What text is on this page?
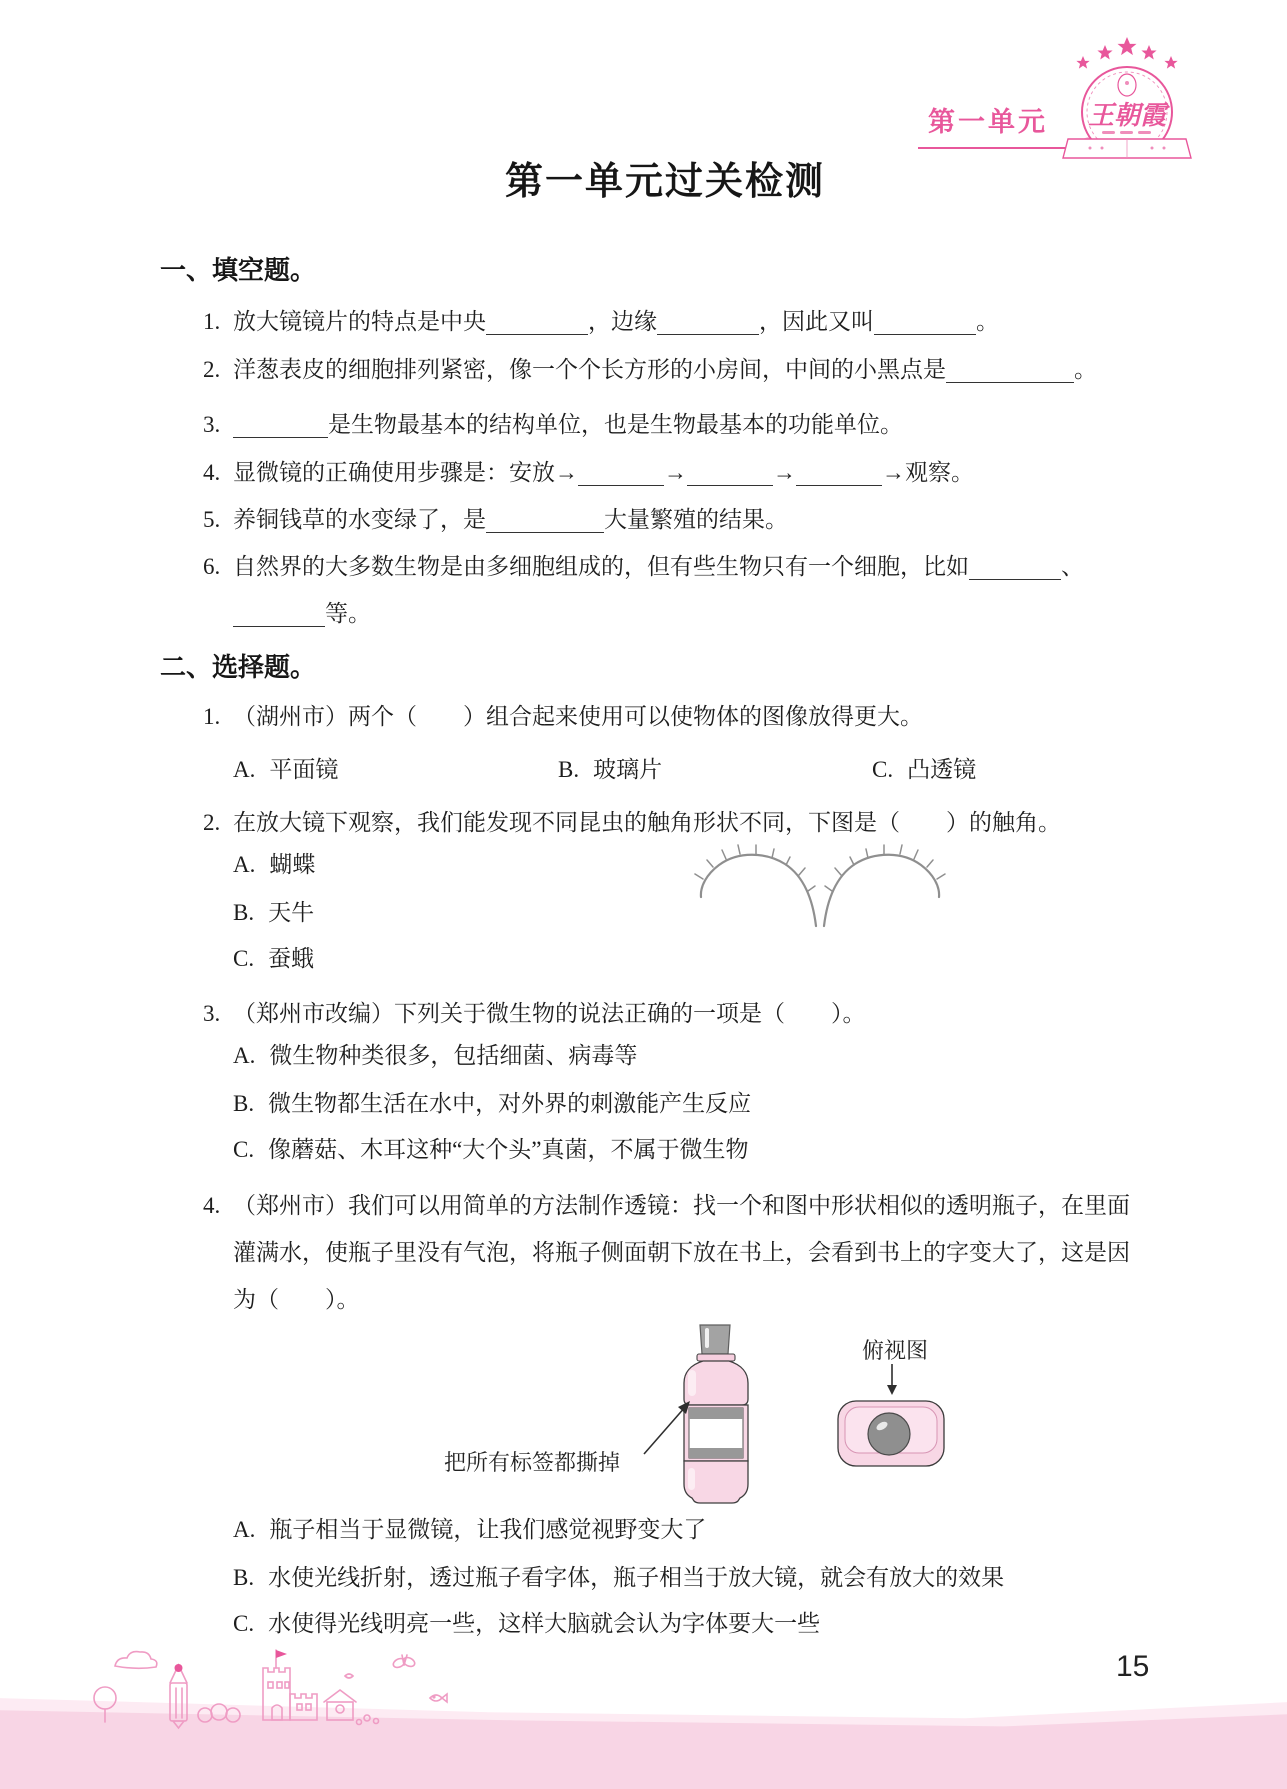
第一单元 王朝霞
第一单元过关检测
一、填空题。
1. 放大镜镜片的特点是中央	，边缘	，因此又叫	。
2. 洋葱表皮的细胞排列紧密，像一个个长方形的小房间，中间的小黑点是	。
3.	是生物最基本的结构单位，也是生物最基本的功能单位。
4. 显微镜的正确使用步骤是：安放→	→	→	→观察。
5. 养铜钱草的水变绿了，是	大量繁殖的结果。
6. 自然界的大多数生物是由多细胞组成的，但有些生物只有一个细胞，比如	、等。
二、选择题。
1. （湖州市）两个（　　）组合起来使用可以使物体的图像放得更大。
A. 平面镜	B. 玻璃片	C. 凸透镜
2. 在放大镜下观察，我们能发现不同昆虫的触角形状不同，下图是（　　）的触角。
A. 蝴蝶
B. 天牛
C. 蚕蛾
3. （郑州市改编）下列关于微生物的说法正确的一项是（　　）。
A. 微生物种类很多，包括细菌、病毒等
B. 微生物都生活在水中，对外界的刺激能产生反应
C. 像蘑菇、木耳这种“大个头”真菌，不属于微生物
4. （郑州市）我们可以用简单的方法制作透镜：找一个和图中形状相似的透明瓶子，在里面灌满水，使瓶子里没有气泡，将瓶子侧面朝下放在书上，会看到书上的字变大了，这是因为（　　）。
把所有标签都撕掉
俯视图
A. 瓶子相当于显微镜，让我们感觉视野变大了
B. 水使光线折射，透过瓶子看字体，瓶子相当于放大镜，就会有放大的效果
C. 水使得光线明亮一些，这样大脑就会认为字体要大一些
15
